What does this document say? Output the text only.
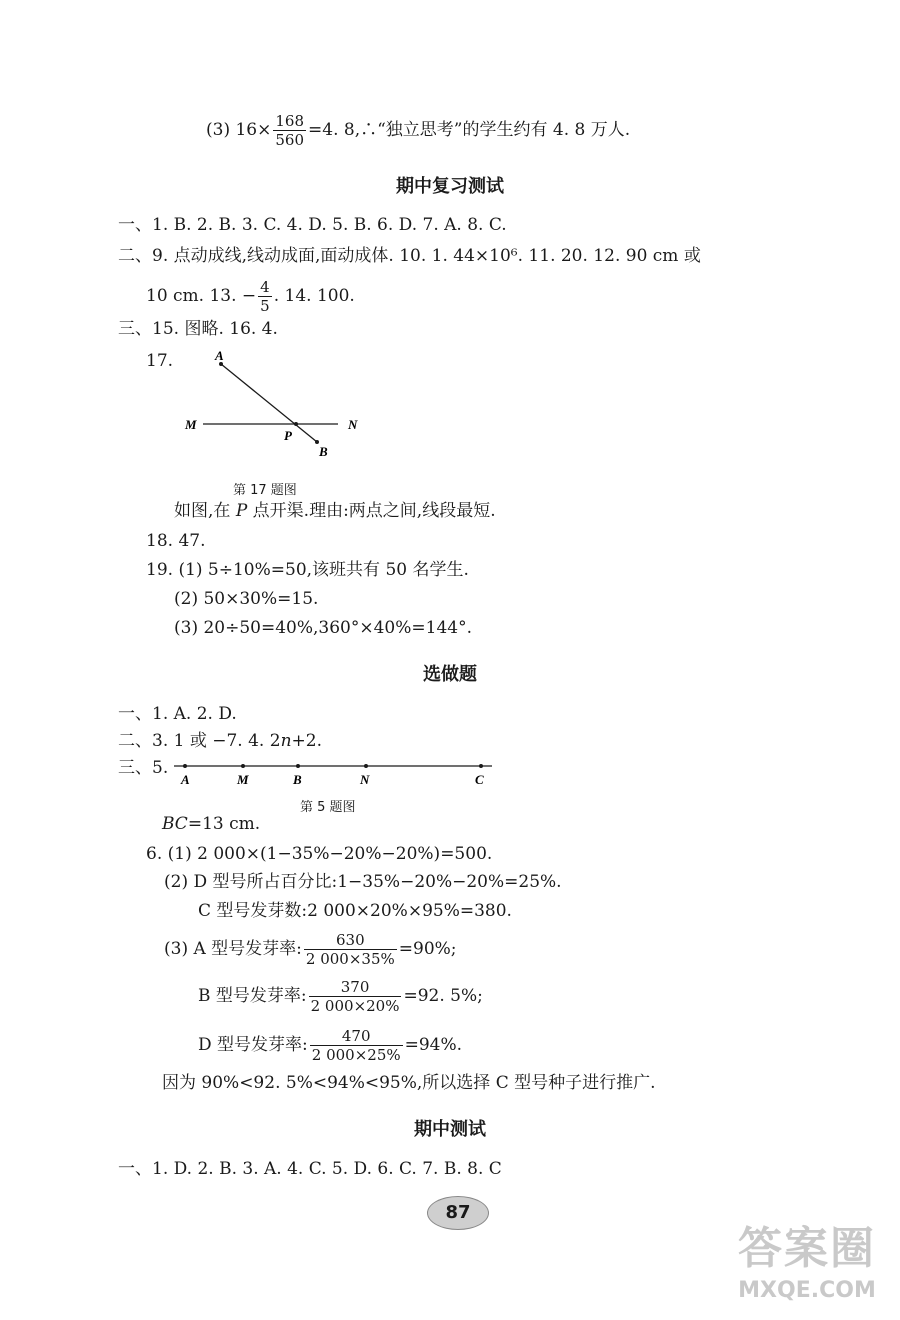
(3) $16\times \frac{168}{560} =4$. 8,∴“独立思考”的学生约有 4. 8 万人.
期中复习测试
一、1. B. 2. B. 3. C. 4. D. 5. B. 6. D. 7. A. 8. C.
二、9. 点动成线,线动成面,面动成体. 10. 1. 44×10⁶. 11. 20. 12. 90 cm 或
10 cm. 13. − $\frac{4}{5}$ . 14. 100.
三、15. 图略. 16. 4.
17.	A
M
P
N
B
第 17 题图
如图,在 P 点开渠.理由:两点之间,线段最短.
18. 47.
19. (1) 5÷10%=50,该班共有 50 名学生.
(2) 50×30%=15.
(3) 20÷50=40%,360°×40%=144°.
选做题
一、1. A. 2. D.
二、3. 1 或 −7. 4. 2n+2.
三、5.
A	M	B	N	C
第 5 题图
BC=13 cm.
6. (1) 2 000×(1−35%−20%−20%)=500.
(2) D 型号所占百分比:1−35%−20%−20%=25%.
C 型号发芽数:2 000×20%×95%=380.
(3) A 型号发芽率: $\frac{630}{2 000\times 35\%} =90\%$;
B 型号发芽率: $\frac{370}{2 000\times 20\%} =92$. 5%;
D 型号发芽率: $\frac{470}{2 000\times 25\%} =94\%$.
因为 90%<92. 5%<94%<95%,所以选择 C 型号种子进行推广.
期中测试
一、1. D. 2. B. 3. A. 4. C. 5. D. 6. C. 7. B. 8. C
87
答案圈
MXQE.COM
